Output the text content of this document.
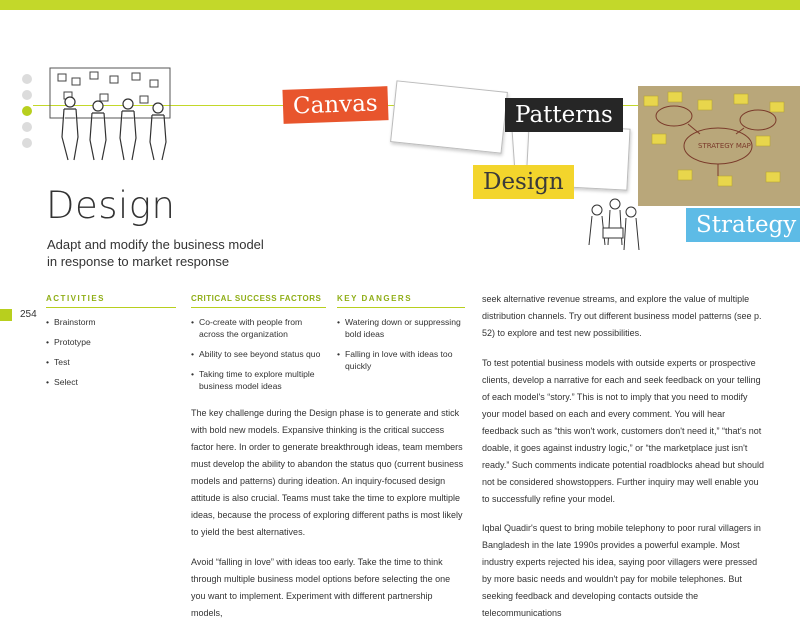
STRATEGY MAP
Canvas	Patterns
Design
Strategy
Design
Adapt and modify the business model
in response to market response
254
ACTIVITIES	CRITICAL SUCCESS FACTORS KEY DANGERS
• Brainstorm
• Prototype
• Test
• Select
• Co-create with people from across the organization
• Ability to see beyond status quo
• Taking time to explore multiple business model ideas
• Watering down or suppressing bold ideas
• Falling in love with ideas too quickly

The key challenge during the Design phase is to generate and stick with bold new models. Expansive thinking is the critical success factor here. In order to generate breakthrough ideas, team members must develop the ability to abandon the status quo (current business models and patterns) during ideation. An inquiry-focused design attitude is also crucial. Teams must take the time to explore multiple ideas, because the process of exploring different paths is most likely to yield the best alternatives.

Avoid “falling in love” with ideas too early. Take the time to think through multiple business model options before selecting the one you want to implement. Experiment with different partnership models,

seek alternative revenue streams, and explore the value of multiple distribution channels. Try out different business model patterns (see p. 52) to explore and test new possibilities.

To test potential business models with outside experts or prospective clients, develop a narrative for each and seek feedback on your telling of each model's “story.” This is not to imply that you need to modify your model based on each and every comment. You will hear feedback such as “this won't work, customers don't need it,” “that's not doable, it goes against industry logic,” or “the marketplace just isn't ready.” Such comments indicate potential roadblocks ahead but should not be considered showstoppers. Further inquiry may well enable you to successfully refine your model.

Iqbal Quadir's quest to bring mobile telephony to poor rural villagers in Bangladesh in the late 1990s provides a powerful example. Most industry experts rejected his idea, saying poor villagers were pressed by more basic needs and wouldn't pay for mobile telephones. But seeking feedback and developing contacts outside the telecommunications
